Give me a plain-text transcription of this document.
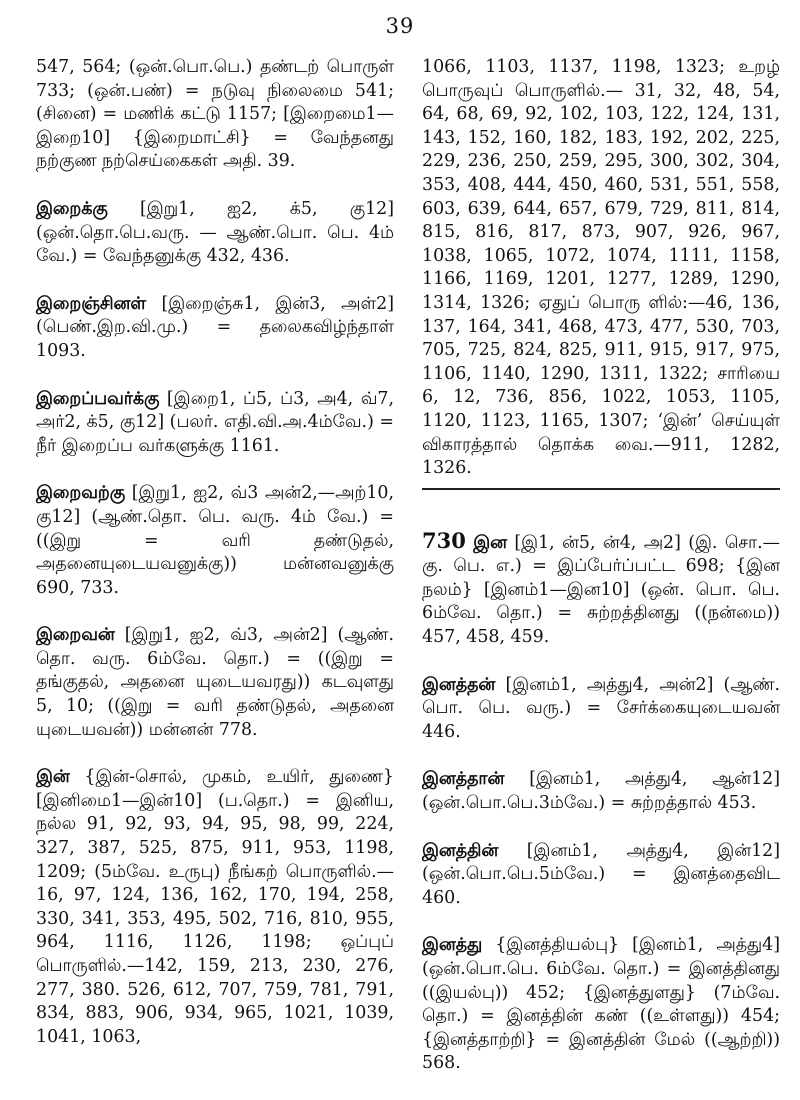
39

547, 564; (ஒன்.பொ.பெ.) தண்டற் பொருள் 733; (ஒன்.பண்) = நடுவு நிலைமை 541; (சினை) = மணிக் கட்டு 1157; [இறைமை1—இறை10] {இறைமாட்சி} = வேந்தனது நற்குண நற்செய்கைகள் அதி. 39.

இறைக்கு [இறு1, ஐ2, க்5, கு12] (ஒன்.தொ.பெ.வரு. — ஆண்.பொ. பெ. 4ம் வே.) = வேந்தனுக்கு 432, 436.

இறைஞ்சினள் [இறைஞ்சு1, இன்3, அள்2] (பெண்.இற.வி.மு.) = தலைகவிழ்ந்தாள் 1093.

இறைப்பவர்க்கு [இறை1, ப்5, ப்3, அ4, வ்7, அர்2, க்5, கு12] (பலர். எதி.வி.அ.4ம்வே.) = நீர் இறைப்ப வர்களுக்கு 1161.

இறைவற்கு [இறு1, ஐ2, வ்3 அன்2,—அற்10, கு12] (ஆண்.தொ. பெ. வரு. 4ம் வே.) = ((இறு = வரி தண்டுதல், அதனையுடையவனுக்கு)) மன்னவனுக்கு 690, 733.

இறைவன் [இறு1, ஐ2, வ்3, அன்2] (ஆண். தொ. வரு. 6ம்வே. தொ.) = ((இறு = தங்குதல், அதனை யுடையவரது)) கடவுளது 5, 10; ((இறு = வரி தண்டுதல், அதனை யுடையவன்)) மன்னன் 778.

இன் {இன்-சொல், முகம், உயிர், துணை} [இனிமை1—இன்10] (ப.தொ.) = இனிய, நல்ல 91, 92, 93, 94, 95, 98, 99, 224, 327, 387, 525, 875, 911, 953, 1198, 1209; (5ம்வே. உருபு) நீங்கற் பொருளில்.—16, 97, 124, 136, 162, 170, 194, 258, 330, 341, 353, 495, 502, 716, 810, 955, 964, 1116, 1126, 1198; ஒப்புப் பொருளில்.—142, 159, 213, 230, 276, 277, 380. 526, 612, 707, 759, 781, 791, 834, 883, 906, 934, 965, 1021, 1039, 1041, 1063,

1066, 1103, 1137, 1198, 1323; உறழ் பொருவுப் பொருளில்.— 31, 32, 48, 54, 64, 68, 69, 92, 102, 103, 122, 124, 131, 143, 152, 160, 182, 183, 192, 202, 225, 229, 236, 250, 259, 295, 300, 302, 304, 353, 408, 444, 450, 460, 531, 551, 558, 603, 639, 644, 657, 679, 729, 811, 814, 815, 816, 817, 873, 907, 926, 967, 1038, 1065, 1072, 1074, 1111, 1158, 1166, 1169, 1201, 1277, 1289, 1290, 1314, 1326; ஏதுப் பொரு ளில்:—46, 136, 137, 164, 341, 468, 473, 477, 530, 703, 705, 725, 824, 825, 911, 915, 917, 975, 1106, 1140, 1290, 1311, 1322; சாரியை 6, 12, 736, 856, 1022, 1053, 1105, 1120, 1123, 1165, 1307; ‘இன்’ செய்யுள் விகாரத்தால் தொக்க வை.—911, 1282, 1326.

730 இன [இ1, ன்5, ன்4, அ2] (இ. சொ.—கு. பெ. எ.) = இப்பேர்ப்பட்ட 698; {இன நலம்} [இனம்1—இன10] (ஒன். பொ. பெ. 6ம்வே. தொ.) = சுற்றத்தினது ((நன்மை)) 457, 458, 459.

இனத்தன் [இனம்1, அத்து4, அன்2] (ஆண். பொ. பெ. வரு.) = சேர்க்கையுடையவன் 446.

இனத்தான் [இனம்1, அத்து4, ஆன்12] (ஒன்.பொ.பெ.3ம்வே.) = சுற்றத்தால் 453.

இனத்தின் [இனம்1, அத்து4, இன்12] (ஒன்.பொ.பெ.5ம்வே.) = இனத்தைவிட 460.

இனத்து {இனத்தியல்பு} [இனம்1, அத்து4] (ஒன்.பொ.பெ. 6ம்வே. தொ.) = இனத்தினது ((இயல்பு)) 452; {இனத்துளது} (7ம்வே. தொ.) = இனத்தின் கண் ((உள்ளது)) 454; {இனத்தாற்றி} = இனத்தின் மேல் ((ஆற்றி)) 568.
